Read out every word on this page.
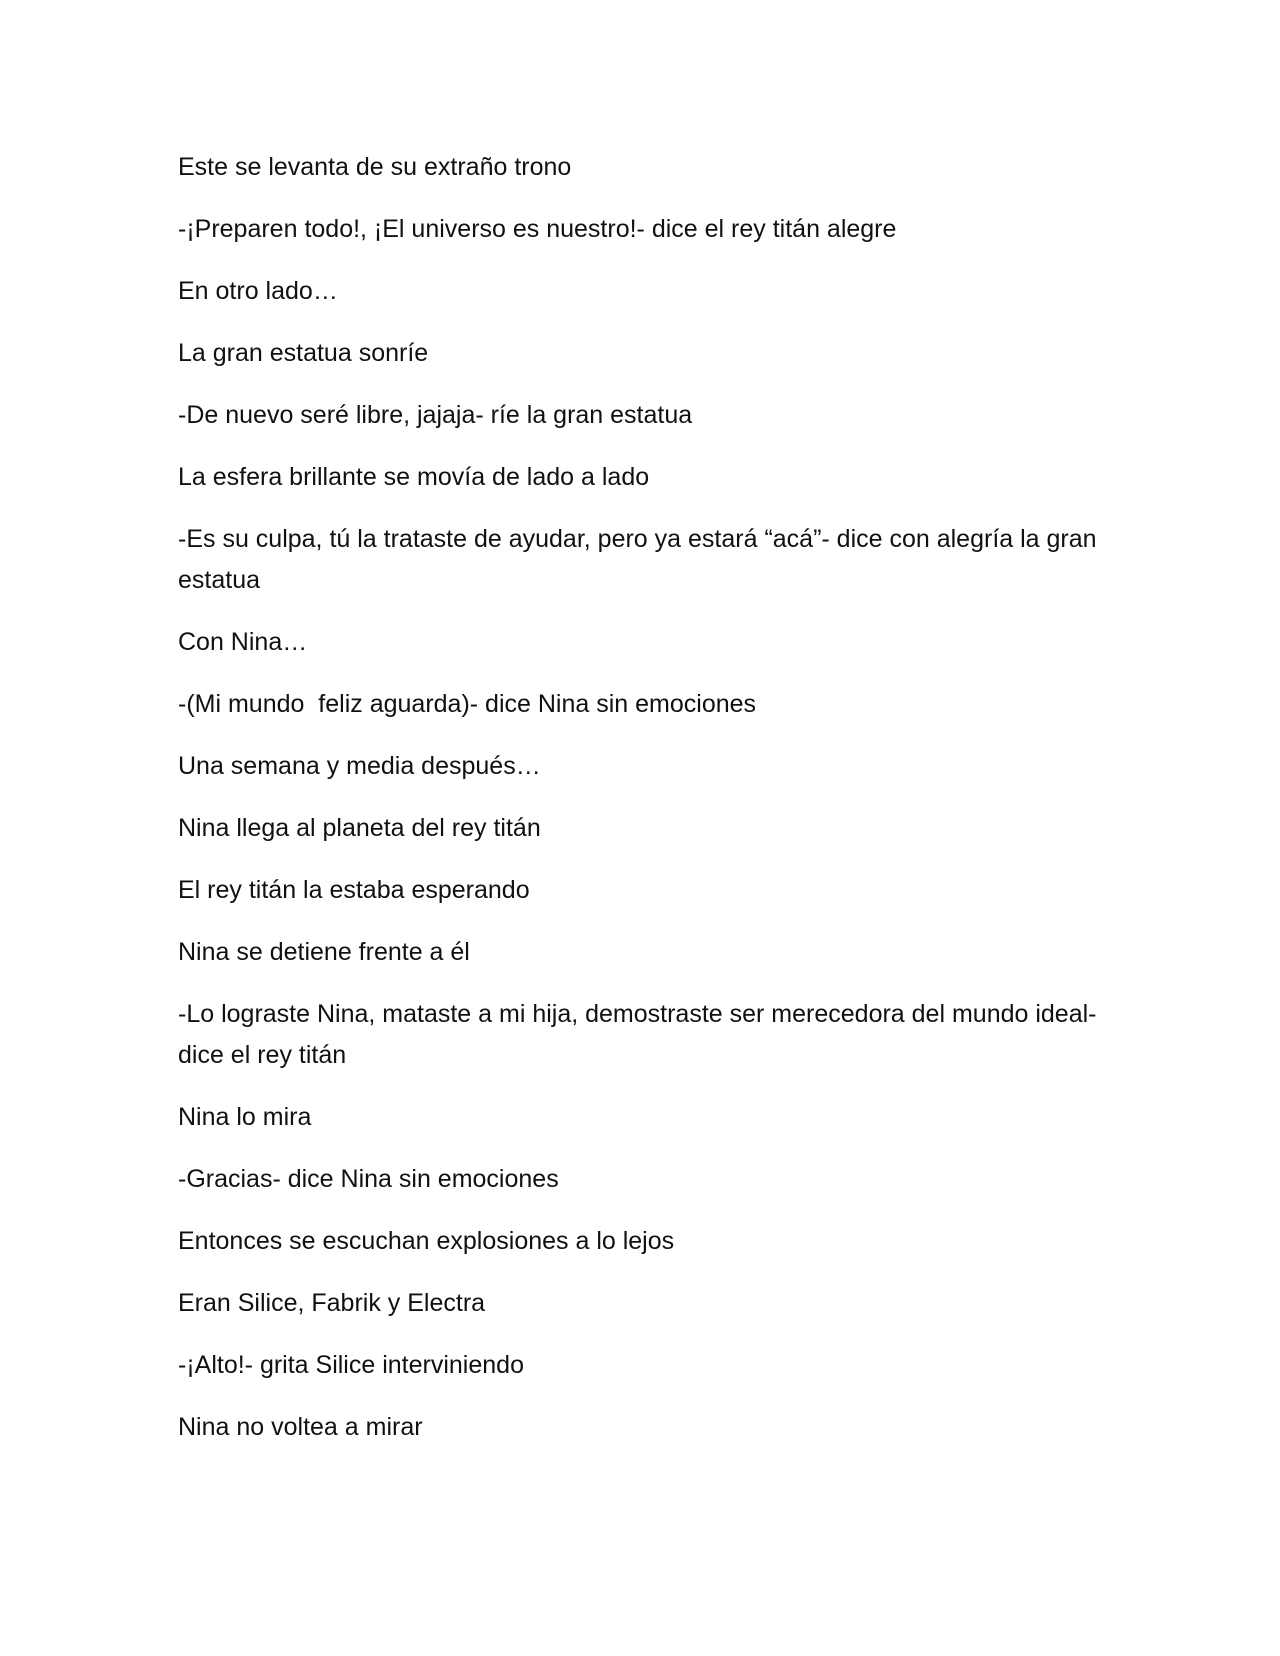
Este se levanta de su extraño trono

-¡Preparen todo!, ¡El universo es nuestro!- dice el rey titán alegre

En otro lado…

La gran estatua sonríe

-De nuevo seré libre, jajaja- ríe la gran estatua

La esfera brillante se movía de lado a lado

-Es su culpa, tú la trataste de ayudar, pero ya estará “acá”- dice con alegría la gran estatua

Con Nina…

-(Mi mundo  feliz aguarda)- dice Nina sin emociones

Una semana y media después…

Nina llega al planeta del rey titán

El rey titán la estaba esperando

Nina se detiene frente a él

-Lo lograste Nina, mataste a mi hija, demostraste ser merecedora del mundo ideal- dice el rey titán

Nina lo mira

-Gracias- dice Nina sin emociones

Entonces se escuchan explosiones a lo lejos

Eran Silice, Fabrik y Electra

-¡Alto!- grita Silice interviniendo

Nina no voltea a mirar
